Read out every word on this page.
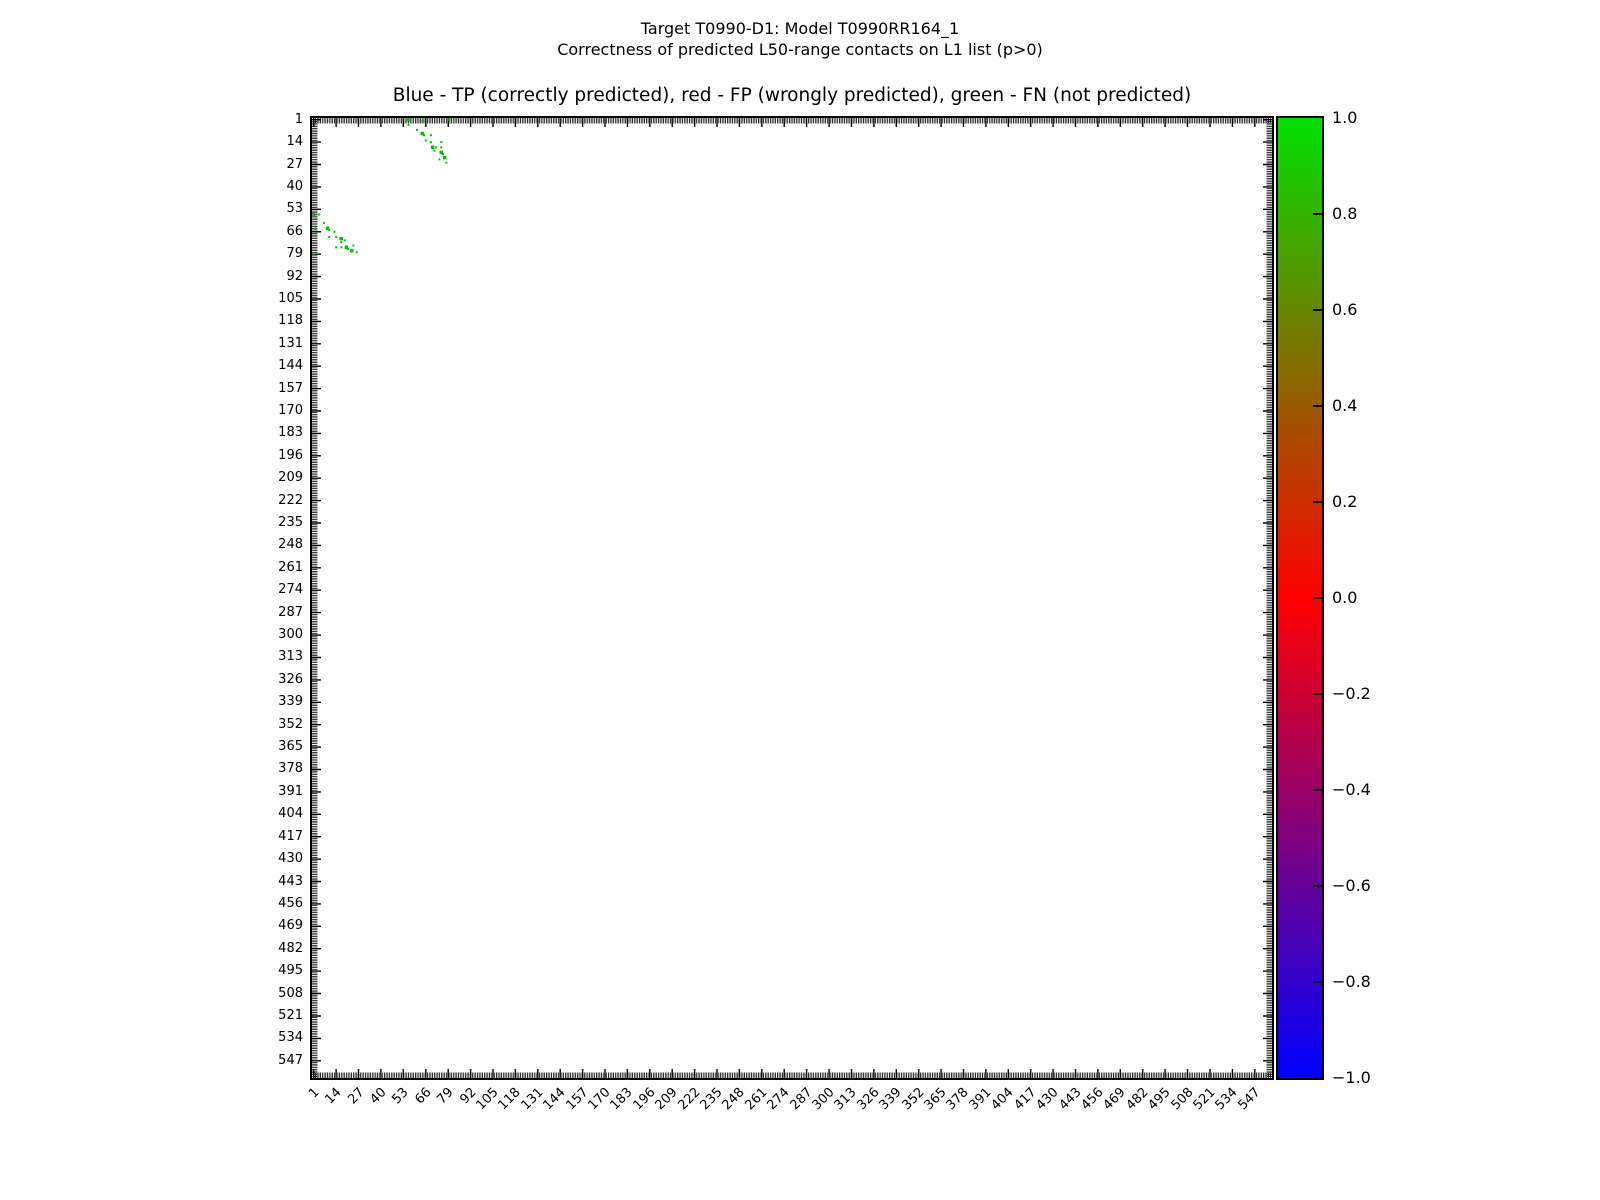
Target T0990-D1: Model T0990RR164_1
Correctness of predicted L50-range contacts on L1 list (p>0)
Blue - TP (correctly predicted), red - FP (wrongly predicted), green - FN (not predicted)
1
14
27
40
53
66
79
92
105
118
131
144
157
170
183
196
209
222
235
248
261
274
287
300
313
326
339
352
365
378
391
404
417
430
443
456
469
482
495
508
521
534
547
1 14 27 40 53 66 79 92
105
118
131
144
157
170
183
196
209
222
235
248
261
274
287
300
313
326
339
352
365
378
391
404
417
430
443
456
469
482
495
508
521
534
547
1.0
0.8
0.6
0.4
0.2
0.0
−0.2
−0.4
−0.6
−0.8
−1.0
